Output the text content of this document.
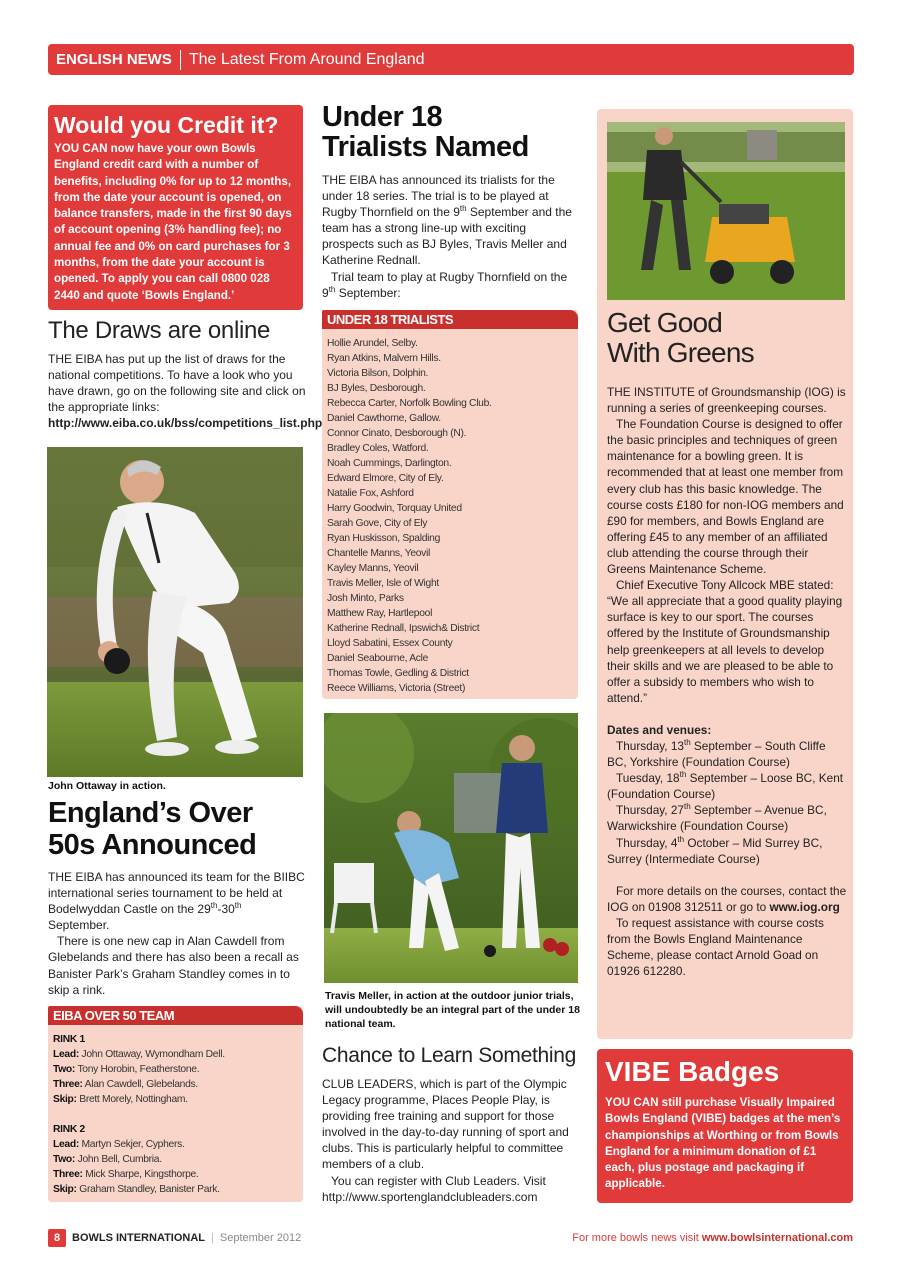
ENGLISH NEWS	The Latest From Around England
Would you Credit it?

YOU CAN now have your own Bowls England credit card with a number of benefits, including 0% for up to 12 months, from the date your account is opened, on balance transfers, made in the first 90 days of account opening (3% handling fee); no annual fee and 0% on card purchases for 3 months, from the date your account is opened. To apply you can call 0800 028 2440 and quote ‘Bowls England.’

The Draws are online
THE EIBA has put up the list of draws for the national competitions. To have a look who you have drawn, go on the following site and click on the appropriate links: http://www.eiba.co.uk/bss/competitions_list.php
John Ottaway in action.
England’s Over 50s Announced

THE EIBA has announced its team for the BIIBC international series tournament to be held at Bodelwyddan Castle on the 29th-30th September.

There is one new cap in Alan Cawdell from Glebelands and there has also been a recall as Banister Park’s Graham Standley comes in to skip a rink.

EIBA OVER 50 TEAM
RINK 1
Lead: John Ottaway, Wymondham Dell.
Two: Tony Horobin, Featherstone.
Three: Alan Cawdell, Glebelands.
Skip: Brett Morely, Nottingham.
RINK 2
Lead: Martyn Sekjer, Cyphers.
Two: John Bell, Cumbria.
Three: Mick Sharpe, Kingsthorpe.
Skip: Graham Standley, Banister Park.
Under 18
Trialists Named

THE EIBA has announced its trialists for the under 18 series. The trial is to be played at Rugby Thornfield on the 9th September and the team has a strong line-up with exciting prospects such as BJ Byles, Travis Meller and Katherine Rednall.

Trial team to play at Rugby Thornfield on the 9th September:

UNDER 18 TRIALISTS
Hollie Arundel, Selby.
Ryan Atkins, Malvern Hills.
Victoria Bilson, Dolphin.
BJ Byles, Desborough.
Rebecca Carter, Norfolk Bowling Club.
Daniel Cawthorne, Gallow.
Connor Cinato, Desborough (N).
Bradley Coles, Watford.
Noah Cummings, Darlington.
Edward Elmore, City of Ely.
Natalie Fox, Ashford
Harry Goodwin, Torquay United
Sarah Gove, City of Ely
Ryan Huskisson, Spalding
Chantelle Manns, Yeovil
Kayley Manns, Yeovil
Travis Meller, Isle of Wight
Josh Minto, Parks
Matthew Ray, Hartlepool
Katherine Rednall, Ipswich& District
Lloyd Sabatini, Essex County
Daniel Seabourne, Acle
Thomas Towle, Gedling & District
Reece Williams, Victoria (Street)
Travis Meller, in action at the outdoor junior trials, will undoubtedly be an integral part of the under 18 national team.
Chance to Learn Something

CLUB LEADERS, which is part of the Olympic Legacy programme, Places People Play, is providing free training and support for those involved in the day-to-day running of sport and clubs. This is particularly helpful to committee members of a club.

You can register with Club Leaders. Visit http://www.sportenglandclubleaders.com

Get Good
With Greens

THE INSTITUTE of Groundsmanship (IOG) is running a series of greenkeeping courses.

The Foundation Course is designed to offer the basic principles and techniques of green maintenance for a bowling green. It is recommended that at least one member from every club has this basic knowledge. The course costs £180 for non-IOG members and £90 for members, and Bowls England are offering £45 to any member of an affiliated club attending the course through their Greens Maintenance Scheme.

Chief Executive Tony Allcock MBE stated: “We all appreciate that a good quality playing surface is key to our sport. The courses offered by the Institute of Groundsmanship help greenkeepers at all levels to develop their skills and we are pleased to be able to offer a subsidy to members who wish to attend.”

Dates and venues:

Thursday, 13th September – South Cliffe BC, Yorkshire (Foundation Course)

Tuesday, 18th September – Loose BC, Kent (Foundation Course)

Thursday, 27th September – Avenue BC, Warwickshire (Foundation Course)

Thursday, 4th October – Mid Surrey BC, Surrey (Intermediate Course)

For more details on the courses, contact the IOG on 01908 312511 or go to www.iog.org

To request assistance with course costs from the Bowls England Maintenance Scheme, please contact Arnold Goad on 01926 612280.

VIBE Badges

YOU CAN still purchase Visually Impaired Bowls England (VIBE) badges at the men’s championships at Worthing or from Bowls England for a minimum donation of £1 each, plus postage and packaging if applicable.

8	BOWLS INTERNATIONAL | September 2012	For more bowls news visit www.bowlsinternational.com
